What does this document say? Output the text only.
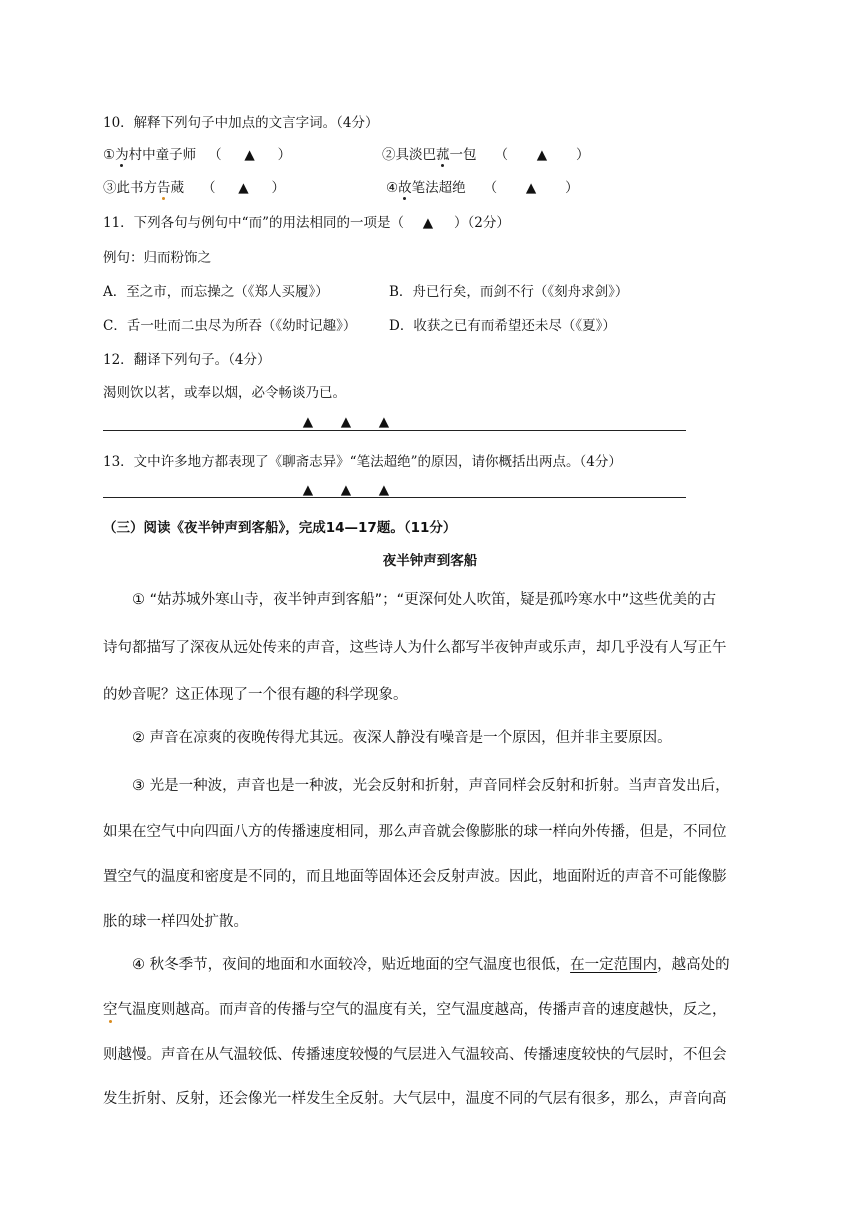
10．解释下列句子中加点的文言字词。（4分）
①为村中童子师 （ ▲ ）	②具淡巴菰一包 （ ▲ ）
③此书方告蒇 （ ▲ ）	④故笔法超绝 （ ▲ ）
11．下列各句与例句中“而”的用法相同的一项是（ ▲ ）（2分）
例句：归而粉饰之
A．至之市，而忘操之（《郑人买履》）	B．舟已行矣，而剑不行（《刻舟求剑》）
C．舌一吐而二虫尽为所吞（《幼时记趣》） D．收获之已有而希望还未尽（《夏》）
12．翻译下列句子。（4分）
渴则饮以茗，或奉以烟，必令畅谈乃已。
▲ ▲ ▲
13．文中许多地方都表现了《聊斋志异》“笔法超绝”的原因，请你概括出两点。（4分）
▲ ▲ ▲
（三）阅读《夜半钟声到客船》，完成14—17题。（11分）
夜半钟声到客船
① “姑苏城外寒山寺，夜半钟声到客船”；“更深何处人吹笛，疑是孤吟寒水中”这些优美的古
诗句都描写了深夜从远处传来的声音，这些诗人为什么都写半夜钟声或乐声，却几乎没有人写正午
的妙音呢？这正体现了一个很有趣的科学现象。
② 声音在凉爽的夜晚传得尤其远。夜深人静没有噪音是一个原因，但并非主要原因。
③ 光是一种波，声音也是一种波，光会反射和折射，声音同样会反射和折射。当声音发出后，
如果在空气中向四面八方的传播速度相同，那么声音就会像膨胀的球一样向外传播，但是，不同位
置空气的温度和密度是不同的，而且地面等固体还会反射声波。因此，地面附近的声音不可能像膨
胀的球一样四处扩散。
④ 秋冬季节，夜间的地面和水面较冷，贴近地面的空气温度也很低，在一定范围内，越高处的
空气温度则越高。而声音的传播与空气的温度有关，空气温度越高，传播声音的速度越快，反之，
则越慢。声音在从气温较低、传播速度较慢的气层进入气温较高、传播速度较快的气层时，不但会
发生折射、反射，还会像光一样发生全反射。大气层中，温度不同的气层有很多，那么，声音向高
